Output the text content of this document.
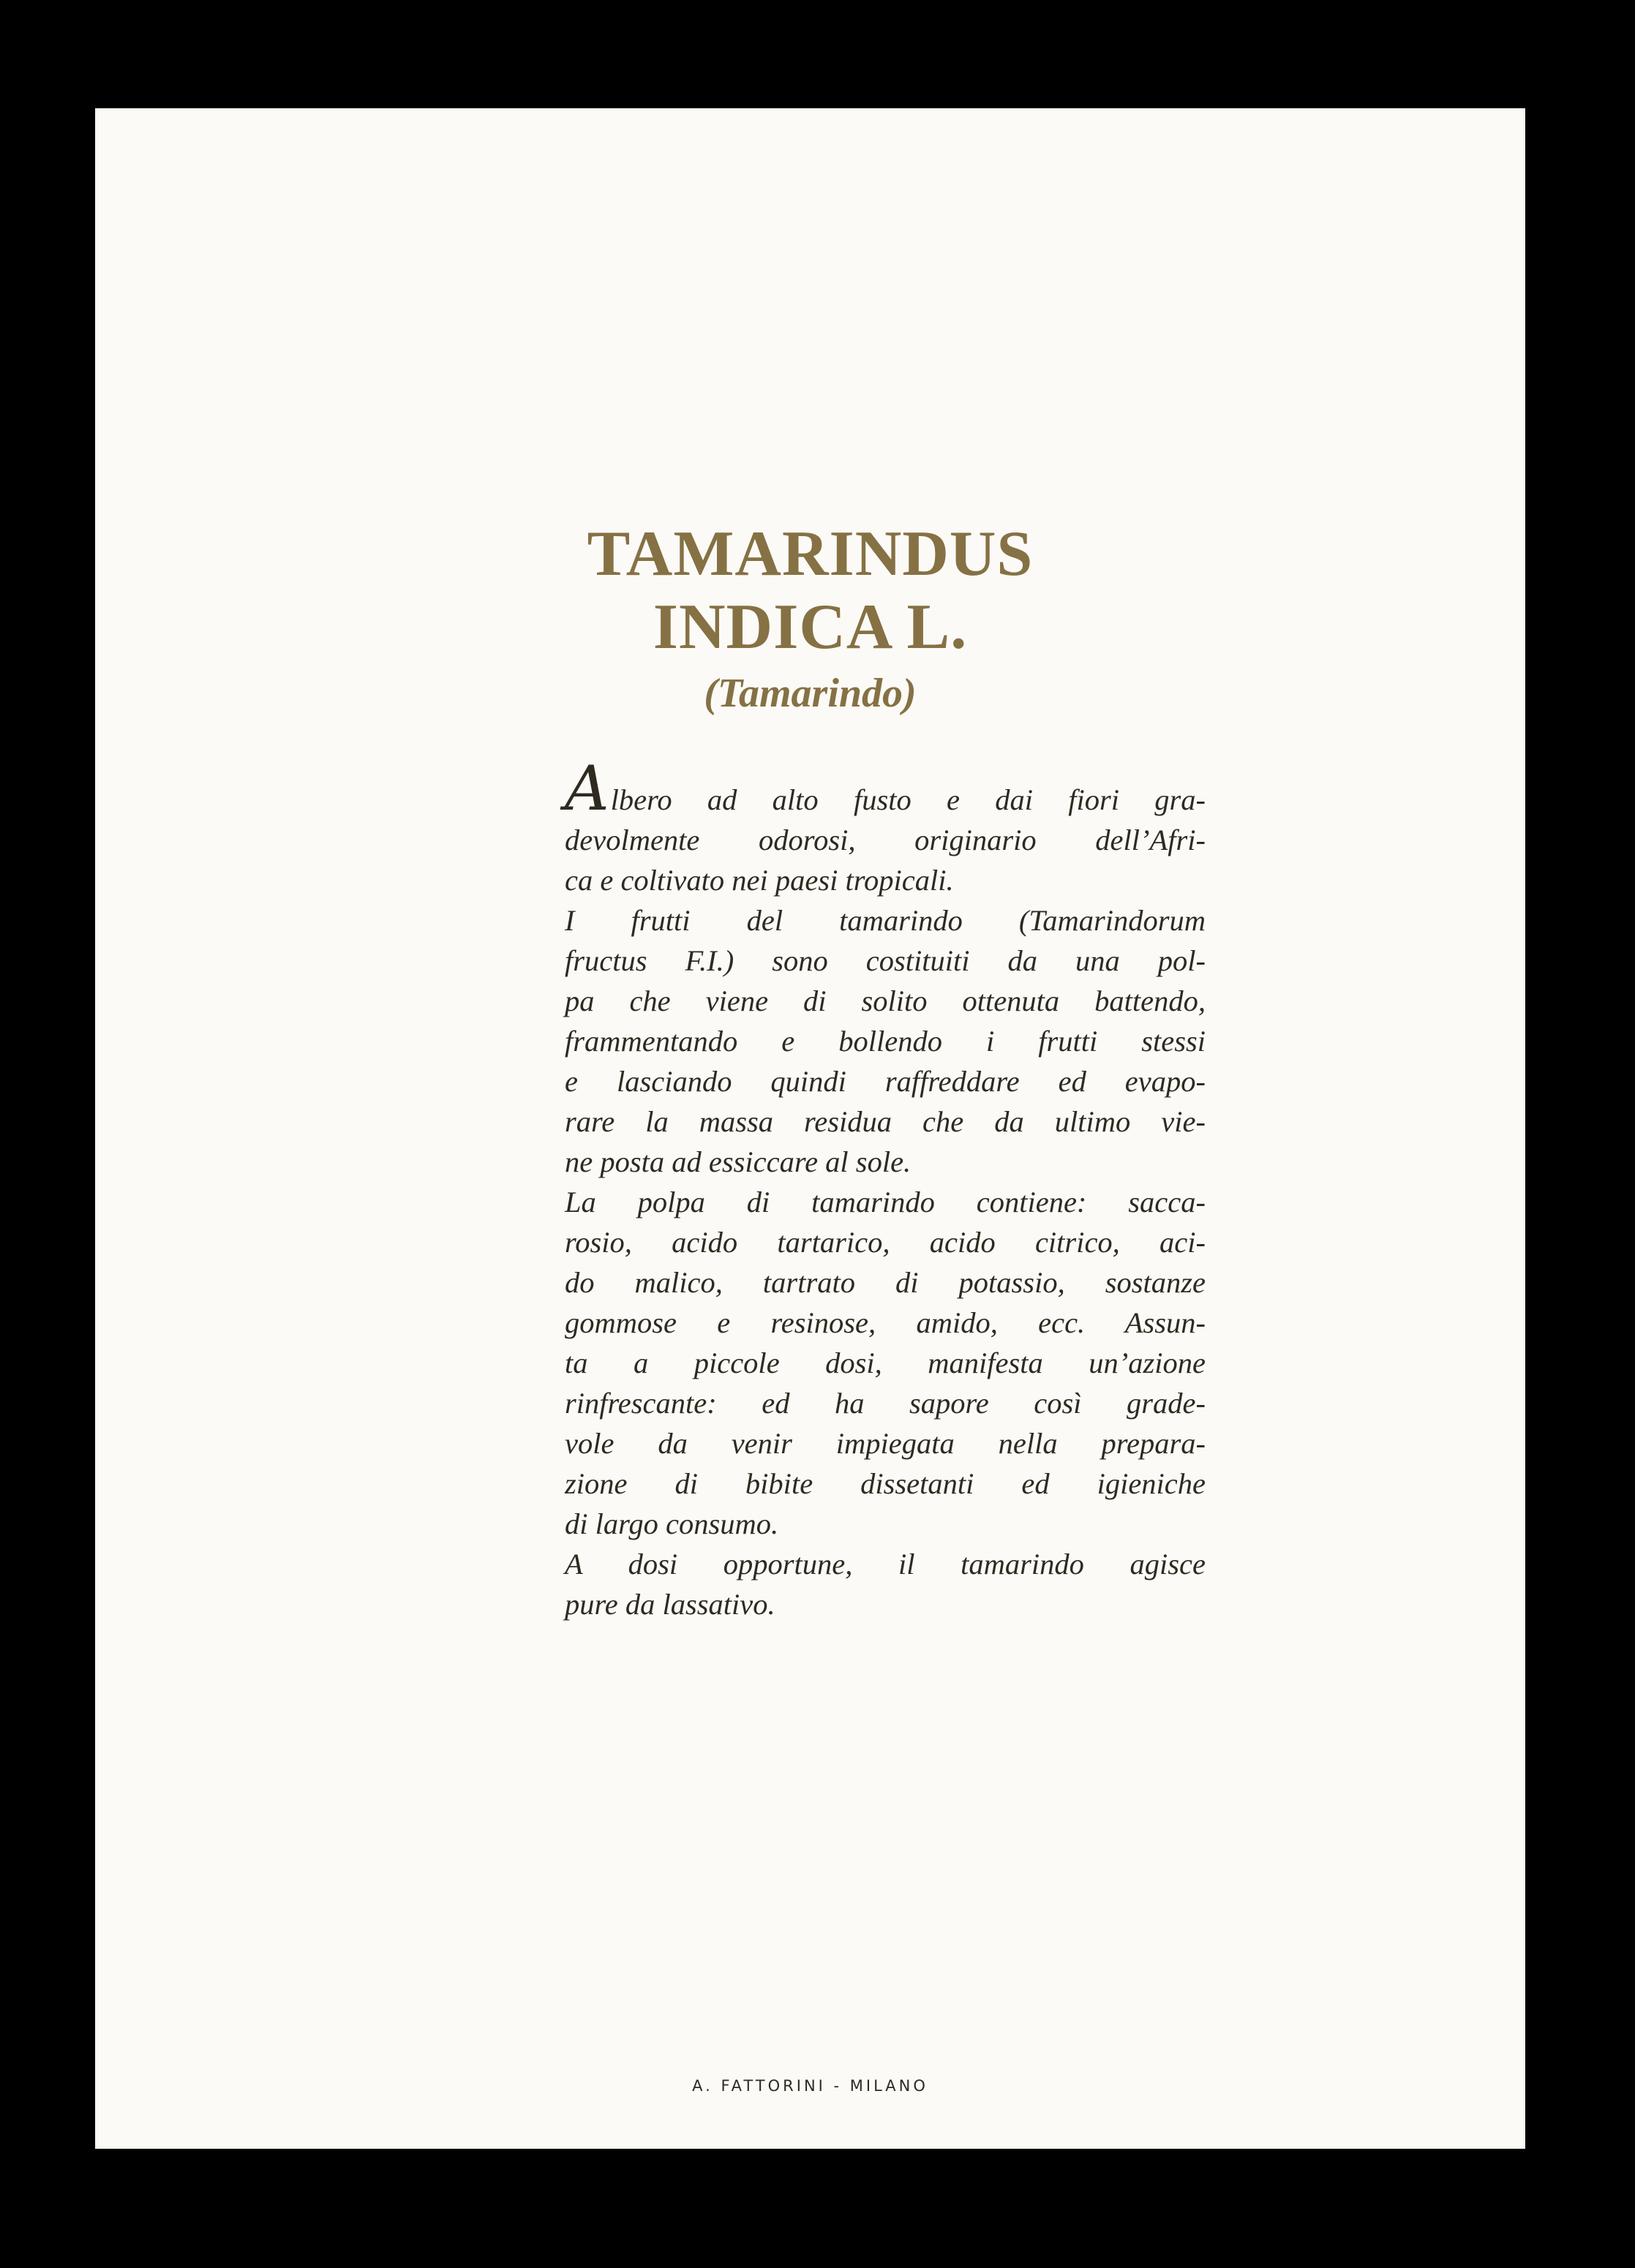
TAMARINDUS
INDICA L.
(Tamarindo)
Albero ad alto fusto e dai fiori gra-
devolmente odorosi, originario dell’Afri-
ca e coltivato nei paesi tropicali.
I frutti del tamarindo (Tamarindorum
fructus F.I.) sono costituiti da una pol-
pa che viene di solito ottenuta battendo,
frammentando e bollendo i frutti stessi
e lasciando quindi raffreddare ed evapo-
rare la massa residua che da ultimo vie-
ne posta ad essiccare al sole.
La polpa di tamarindo contiene: sacca-
rosio, acido tartarico, acido citrico, aci-
do malico, tartrato di potassio, sostanze
gommose e resinose, amido, ecc. Assun-
ta a piccole dosi, manifesta un’azione
rinfrescante: ed ha sapore così grade-
vole da venir impiegata nella prepara-
zione di bibite dissetanti ed igieniche
di largo consumo.
A dosi opportune, il tamarindo agisce
pure da lassativo.
A. FATTORINI - MILANO
